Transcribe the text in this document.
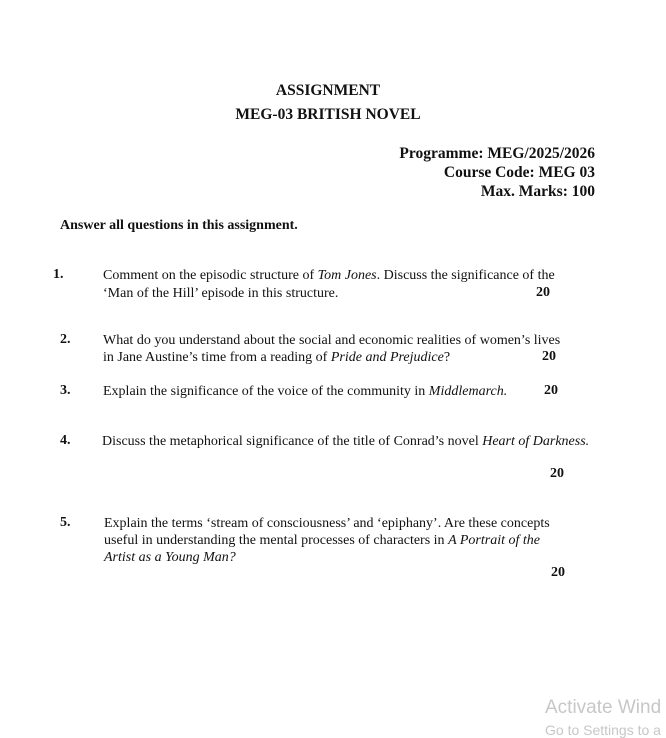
ASSIGNMENT
MEG-03 BRITISH NOVEL
Programme: MEG/2025/2026
Course Code: MEG 03
Max. Marks: 100
Answer all questions in this assignment.
1.	Comment on the episodic structure of Tom Jones. Discuss the significance of the
‘Man of the Hill’ episode in this structure.	20
2. What do you understand about the social and economic realities of women’s lives
in Jane Austine’s time from a reading of Pride and Prejudice?	20
3. Explain the significance of the voice of the community in Middlemarch.	20
4. Discuss the metaphorical significance of the title of Conrad’s novel Heart of Darkness.
20
5. Explain the terms ‘stream of consciousness’ and ‘epiphany’. Are these concepts
useful in understanding the mental processes of characters in A Portrait of the
Artist as a Young Man?
20
Activate Wind
Go to Settings to a
